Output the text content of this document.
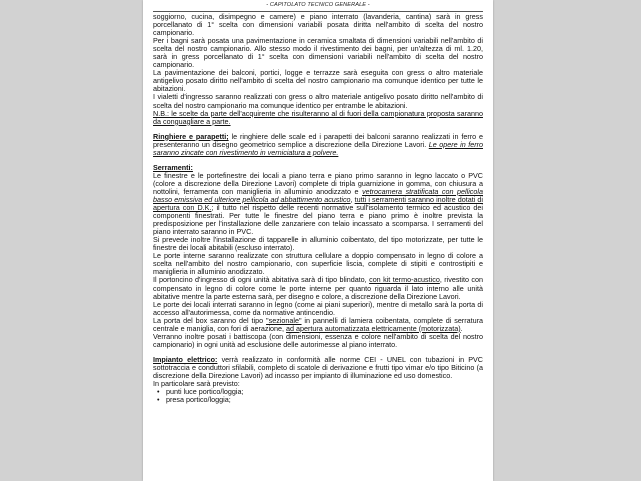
- CAPITOLATO TECNICO GENERALE -

soggiorno, cucina, disimpegno e camere) e piano interrato (lavanderia, cantina) sarà in gress porcellanato di 1° scelta con dimensioni variabili posata diritta nell'ambito di scelta del nostro campionario.

Per i bagni sarà posata una pavimentazione in ceramica smaltata di dimensioni variabili nell'ambito di scelta del nostro campionario. Allo stesso modo il rivestimento dei bagni, per un'altezza di ml. 1.20, sarà in gress porcellanato di 1° scelta con dimensioni variabili nell'ambito di scelta del nostro campionario.

La pavimentazione dei balconi, portici, logge e terrazze sarà eseguita con gress o altro materiale antigelivo posato diritto nell'ambito di scelta del nostro campionario ma comunque identico per tutte le abitazioni.

I vialetti d'ingresso saranno realizzati con gress o altro materiale antigelivo posato diritto nell'ambito di scelta del nostro campionario ma comunque identico per entrambe le abitazioni.

N.B.: le scelte da parte dell'acquirente che risulteranno al di fuori della campionatura proposta saranno da conguagliare a parte.

Ringhiere e parapetti; le ringhiere delle scale ed i parapetti dei balconi saranno realizzati in ferro e presenteranno un disegno geometrico semplice a discrezione della Direzione Lavori. Le opere in ferro saranno zincate con rivestimento in verniciatura a polvere.

Serramenti:

Le finestre e le portefinestre dei locali a piano terra e piano primo saranno in legno laccato o PVC (colore a discrezione della Direzione Lavori) complete di tripla guarnizione in gomma, con chiusura a nottolini, ferramenta con maniglieria in alluminio anodizzato e vetrocamera stratificata con pellicola basso emissiva ed ulteriore pellicola ad abbattimento acustico, tutti i serramenti saranno inoltre dotati di apertura con D.K.; il tutto nel rispetto delle recenti normative sull'isolamento termico ed acustico dei componenti finestrati. Per tutte le finestre del piano terra e piano primo è inoltre prevista la predisposizione per l'installazione delle zanzariere con telaio incassato a scomparsa. I serramenti del piano interrato saranno in PVC.

Si prevede inoltre l'installazione di tapparelle in alluminio coibentato, del tipo motorizzate, per tutte le finestre dei locali abitabili (escluso interrato).

Le porte interne saranno realizzate con struttura cellulare a doppio compensato in legno di colore a scelta nell'ambito del nostro campionario, con superficie liscia, complete di stipiti e controstipiti e maniglieria in alluminio anodizzato.

Il portoncino d'ingresso di ogni unità abitativa sarà di tipo blindato, con kit termo-acustico, rivestito con compensato in legno di colore come le porte interne per quanto riguarda il lato interno alle unità abitative mentre la parte esterna sarà, per disegno e colore, a discrezione della Direzione Lavori.

Le porte dei locali interrati saranno in legno (come ai piani superiori), mentre di metallo sarà la porta di accesso all'autorimessa, come da normative antincendio.

La porta del box saranno del tipo "sezionale" in pannelli di lamiera coibentata, complete di serratura centrale e maniglia, con fori di aerazione, ad apertura automatizzata elettricamente (motorizzata).

Verranno inoltre posati i battiscopa (con dimensioni, essenza e colore nell'ambito di scelta del nostro campionario) in ogni unità ad esclusione delle autorimesse al piano interrato.

Impianto elettrico: verrà realizzato in conformità alle norme CEI - UNEL con tubazioni in PVC sottotraccia e conduttori sfilabili, completo di scatole di derivazione e frutti tipo vimar e/o tipo Biticino (a discrezione della Direzione Lavori) ad incasso per impianto di illuminazione ed uso domestico.

In particolare sarà previsto:

• punti luce portico/loggia;
• presa portico/loggia;
